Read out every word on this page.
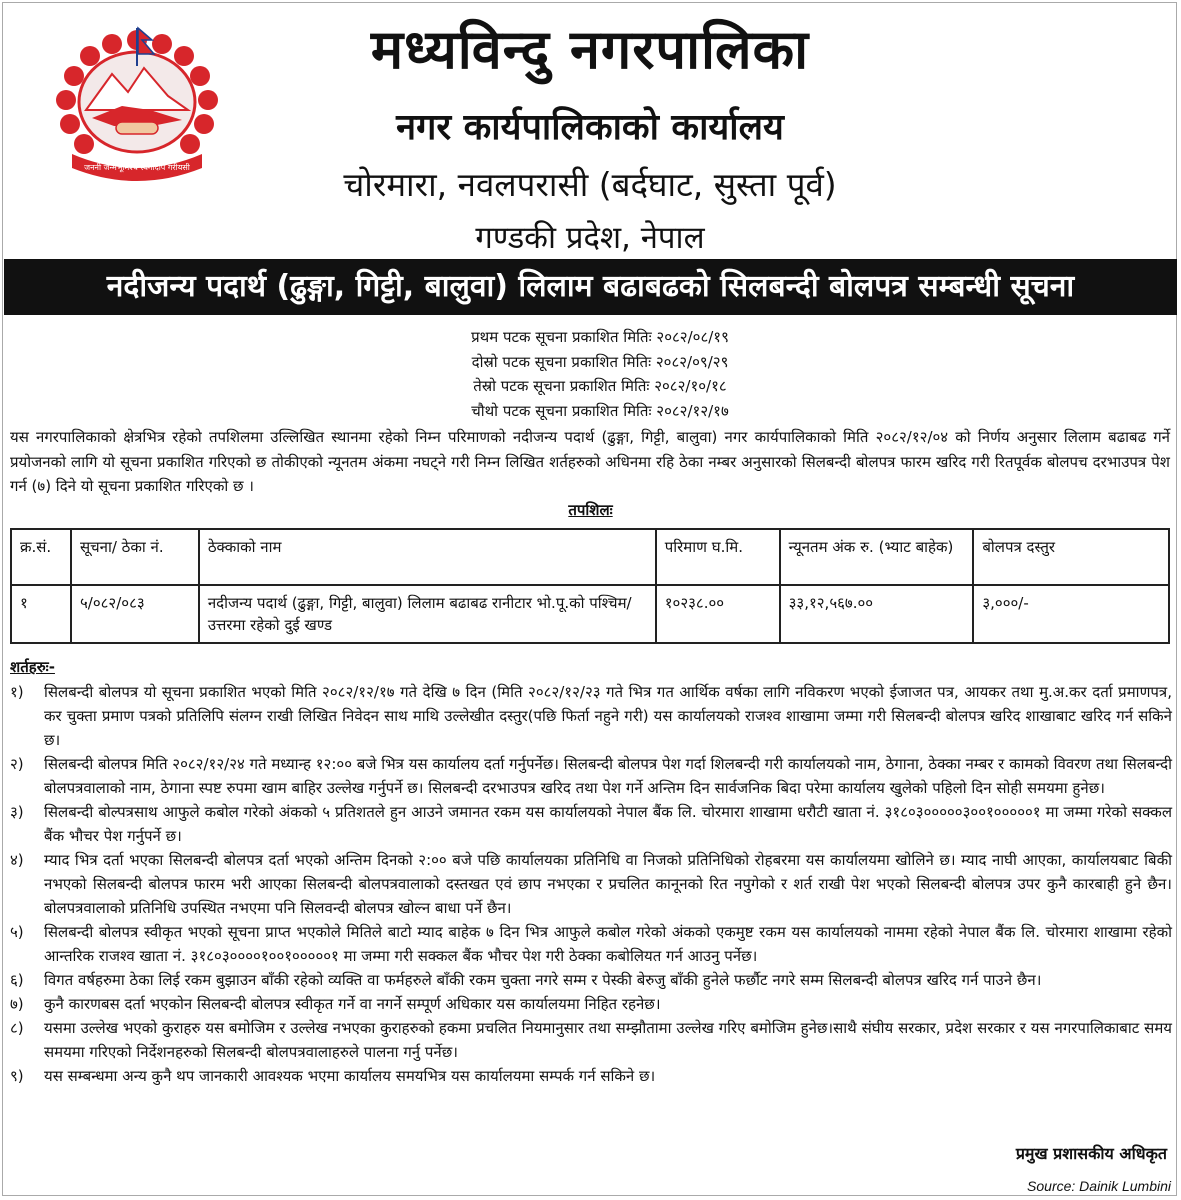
जननी जन्मभूमिश्च स्वर्गादपि गरीयसी
मध्यविन्दु नगरपालिका
नगर कार्यपालिकाको कार्यालय
चोरमारा, नवलपरासी (बर्दघाट, सुस्ता पूर्व)
गण्डकी प्रदेश, नेपाल
नदीजन्य पदार्थ (ढुङ्गा, गिट्टी, बालुवा) लिलाम बढाबढको सिलबन्दी बोलपत्र सम्बन्धी सूचना
प्रथम पटक सूचना प्रकाशित मितिः २०८२/०८/१९
दोस्रो पटक सूचना प्रकाशित मितिः २०८२/०९/२९
तेस्रो पटक सूचना प्रकाशित मितिः २०८२/१०/१८
चौथो पटक सूचना प्रकाशित मितिः २०८२/१२/१७
यस नगरपालिकाको क्षेत्रभित्र रहेको तपशिलमा उल्लिखित स्थानमा रहेको निम्न परिमाणको नदीजन्य पदार्थ (ढुङ्गा, गिट्टी, बालुवा) नगर कार्यपालिकाको मिति २०८२/१२/०४ को निर्णय अनुसार लिलाम बढाबढ गर्ने प्रयोजनको लागि यो सूचना प्रकाशित गरिएको छ तोकीएको न्यूनतम अंकमा नघट्ने गरी निम्न लिखित शर्तहरुको अधिनमा रहि ठेका नम्बर अनुसारको सिलबन्दी बोलपत्र फारम खरिद गरी रितपूर्वक बोलपच दरभाउपत्र पेश गर्न (७) दिने यो सूचना प्रकाशित गरिएको छ ।
तपशिलः
क्र.सं.	सूचना/ ठेका नं.	ठेक्काको नाम	परिमाण घ.मि.	न्यूनतम अंक रु. (भ्याट बाहेक)	बोलपत्र दस्तुर
१	५/०८२/०८३	नदीजन्य पदार्थ (ढुङ्गा, गिट्टी, बालुवा) लिलाम बढाबढ रानीटार भो.पू.को पश्चिम/उत्तरमा रहेको दुई खण्ड	१०२३८.००	३३,१२,५६७.००	३,०००/-
शर्तहरुः-
१)	सिलबन्दी बोलपत्र यो सूचना प्रकाशित भएको मिति २०८२/१२/१७ गते देखि ७ दिन (मिति २०८२/१२/२३ गते भित्र गत आर्थिक वर्षका लागि नविकरण भएको ईजाजत पत्र, आयकर तथा मु.अ.कर दर्ता प्रमाणपत्र, कर चुक्ता प्रमाण पत्रको प्रतिलिपि संलग्न राखी लिखित निवेदन साथ माथि उल्लेखीत दस्तुर(पछि फिर्ता नहुने गरी) यस कार्यालयको राजश्व शाखामा जम्मा गरी सिलबन्दी बोलपत्र खरिद शाखाबाट खरिद गर्न सकिने छ।
२)	सिलबन्दी बोलपत्र मिति २०८२/१२/२४ गते मध्यान्ह १२:०० बजे भित्र यस कार्यालय दर्ता गर्नुपर्नेछ। सिलबन्दी बोलपत्र पेश गर्दा शिलबन्दी गरी कार्यालयको नाम, ठेगाना, ठेक्का नम्बर र कामको विवरण तथा सिलबन्दी बोलपत्रवालाको नाम, ठेगाना स्पष्ट रुपमा खाम बाहिर उल्लेख गर्नुपर्ने छ। सिलबन्दी दरभाउपत्र खरिद तथा पेश गर्ने अन्तिम दिन सार्वजनिक बिदा परेमा कार्यालय खुलेको पहिलो दिन सोही समयमा हुनेछ।
३)	सिलबन्दी बोल्पत्रसाथ आफुले कबोल गरेको अंकको ५ प्रतिशतले हुन आउने जमानत रकम यस कार्यालयको नेपाल बैंक लि. चोरमारा शाखामा धरौटी खाता नं. ३१८०३०००००३००१०००००१ मा जम्मा गरेको सक्कल बैंक भौचर पेश गर्नुपर्ने छ।
४)	म्याद भित्र दर्ता भएका सिलबन्दी बोलपत्र दर्ता भएको अन्तिम दिनको २:०० बजे पछि कार्यालयका प्रतिनिधि वा निजको प्रतिनिधिको रोहबरमा यस कार्यालयमा खोलिने छ। म्याद नाघी आएका, कार्यालयबाट बिकी नभएको सिलबन्दी बोलपत्र फारम भरी आएका सिलबन्दी बोलपत्रवालाको दस्तखत एवं छाप नभएका र प्रचलित कानूनको रित नपुगेको र शर्त राखी पेश भएको सिलबन्दी बोलपत्र उपर कुनै कारबाही हुने छैन। बोलपत्रवालाको प्रतिनिधि उपस्थित नभएमा पनि सिलवन्दी बोलपत्र खोल्न बाधा पर्ने छैन।
५)	सिलबन्दी बोलपत्र स्वीकृत भएको सूचना प्राप्त भएकोले मितिले बाटो म्याद बाहेक ७ दिन भित्र आफुले कबोल गरेको अंकको एकमुष्ट रकम यस कार्यालयको नाममा रहेको नेपाल बैंक लि. चोरमारा शाखामा रहेको आन्तरिक राजश्व खाता नं. ३१८०३००००१००१०००००१ मा जम्मा गरी सक्कल बैंक भौचर पेश गरी ठेक्का कबोलियत गर्न आउनु पर्नेछ।
६)	विगत वर्षहरुमा ठेका लिई रकम बुझाउन बाँकी रहेको व्यक्ति वा फर्महरुले बाँकी रकम चुक्ता नगरे सम्म र पेस्की बेरुजु बाँकी हुनेले फर्छौट नगरे सम्म सिलबन्दी बोलपत्र खरिद गर्न पाउने छैन।
७)	कुनै कारणबस दर्ता भएकोन सिलबन्दी बोलपत्र स्वीकृत गर्ने वा नगर्ने सम्पूर्ण अधिकार यस कार्यालयमा निहित रहनेछ।
८)	यसमा उल्लेख भएको कुराहरु यस बमोजिम र उल्लेख नभएका कुराहरुको हकमा प्रचलित नियमानुसार तथा सम्झौतामा उल्लेख गरिए बमोजिम हुनेछ।साथै संघीय सरकार, प्रदेश सरकार र यस नगरपालिकाबाट समय समयमा गरिएको निर्देशनहरुको सिलबन्दी बोलपत्रवालाहरुले पालना गर्नु पर्नेछ।
९)	यस सम्बन्धमा अन्य कुनै थप जानकारी आवश्यक भएमा कार्यालय समयभित्र यस कार्यालयमा सम्पर्क गर्न सकिने छ।
प्रमुख प्रशासकीय अधिकृत
Source: Dainik Lumbini
